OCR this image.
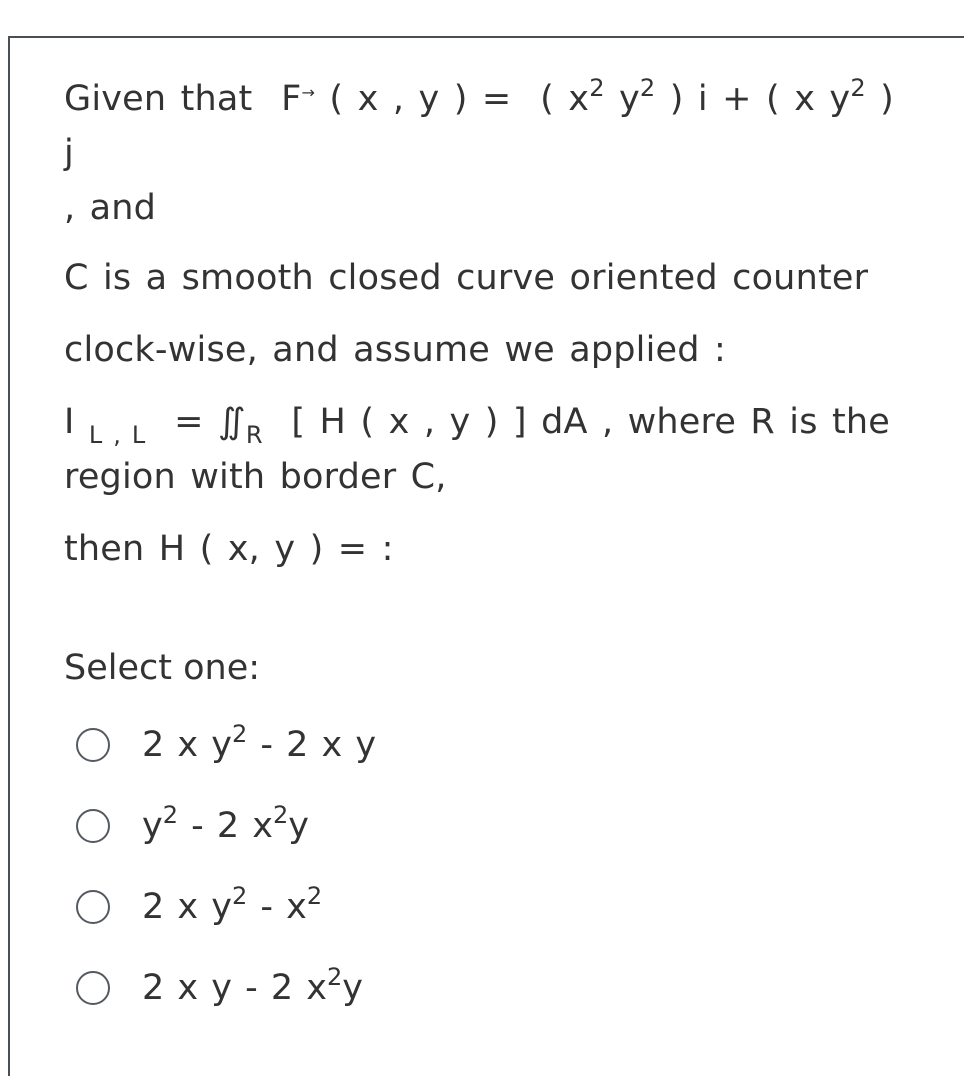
Given that F→ ( x , y ) = ( $x^2$ $y^2$ ) i + ( x $y^2$ ) j
, and

C is a smooth closed curve oriented counter

clock-wise, and assume we applied :

I $_{L , L} = ∬_R$ [ H ( x , y ) ] dA , where R is the region with border C,

then H ( x, y ) = :

Select one:
2 x $y^2 - 2$ x y
$y^2 - 2$ $x^2y$
2 x $y^2 - x^2$
2 x y - 2 $x^2y$
